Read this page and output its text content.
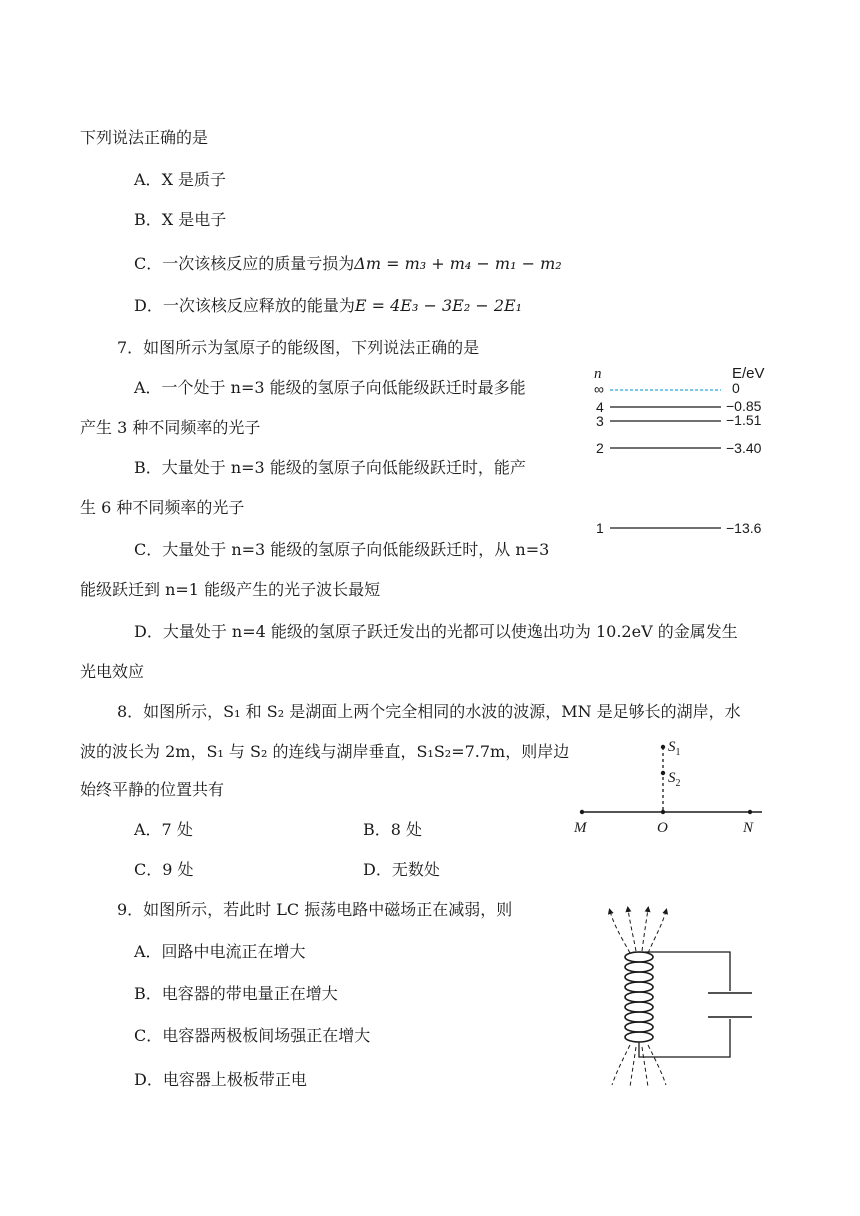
下列说法正确的是
A．X 是质子
B．X 是电子
C．一次该核反应的质量亏损为Δm = m₃ + m₄ − m₁ − m₂
D．一次该核反应释放的能量为E = 4E₃ − 3E₂ − 2E₁
7．如图所示为氢原子的能级图，下列说法正确的是
A．一个处于 n=3 能级的氢原子向低能级跃迁时最多能
产生 3 种不同频率的光子
B．大量处于 n=3 能级的氢原子向低能级跃迁时，能产
生 6 种不同频率的光子
C．大量处于 n=3 能级的氢原子向低能级跃迁时，从 n=3
能级跃迁到 n=1 能级产生的光子波长最短
D．大量处于 n=4 能级的氢原子跃迁发出的光都可以使逸出功为 10.2eV 的金属发生
光电效应
n	E/eV
∞	0
4	−0.85
3	−1.51
2	−3.40
1	−13.6
8．如图所示，S₁ 和 S₂ 是湖面上两个完全相同的水波的波源，MN 是足够长的湖岸，水
波的波长为 2m，S₁ 与 S₂ 的连线与湖岸垂直，S₁S₂=7.7m，则岸边
始终平静的位置共有
A．7 处	B．8 处
C．9 处	D．无数处
$S_1$
$S_2$
M	O	N
9．如图所示，若此时 LC 振荡电路中磁场正在减弱，则
A．回路中电流正在增大
B．电容器的带电量正在增大
C．电容器两极板间场强正在增大
D．电容器上极板带正电
